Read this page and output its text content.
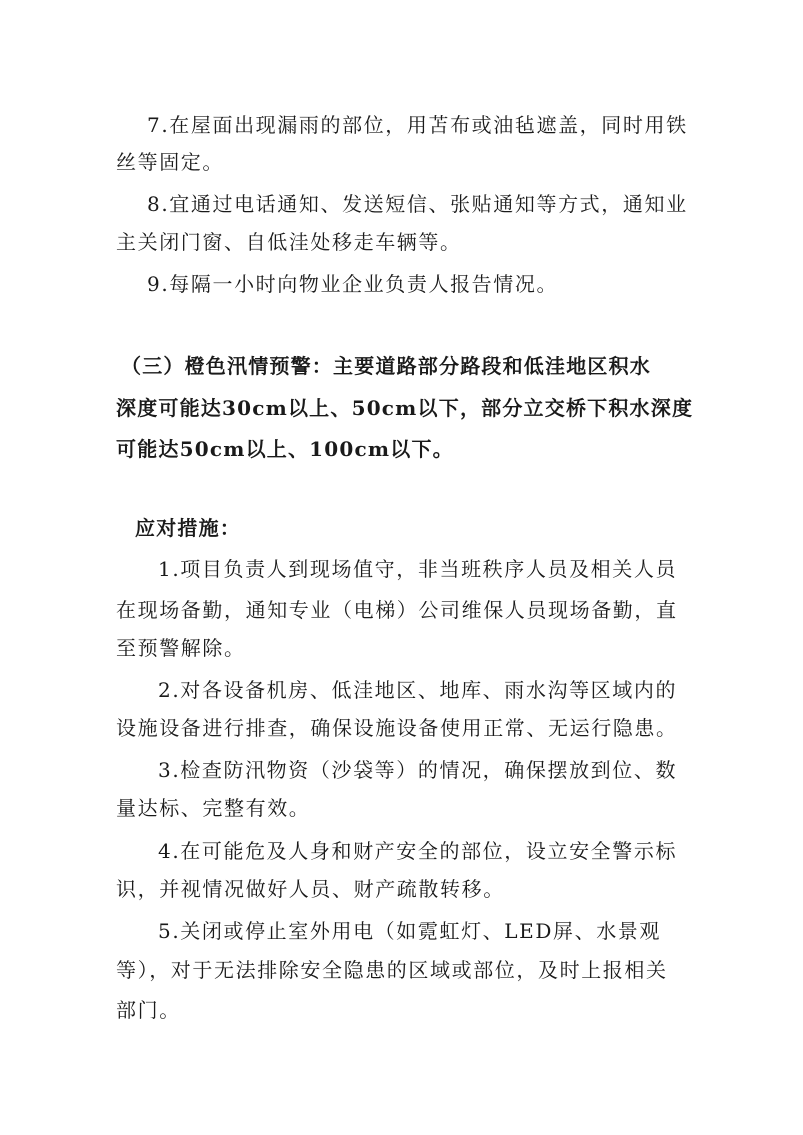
7.在屋面出现漏雨的部位，用苫布或油毡遮盖，同时用铁
丝等固定。
8.宜通过电话通知、发送短信、张贴通知等方式，通知业
主关闭门窗、自低洼处移走车辆等。
9.每隔一小时向物业企业负责人报告情况。
（三）橙色汛情预警：主要道路部分路段和低洼地区积水
深度可能达30cm以上、50cm以下，部分立交桥下积水深度
可能达50cm以上、100cm以下。
应对措施：
1.项目负责人到现场值守，非当班秩序人员及相关人员
在现场备勤，通知专业（电梯）公司维保人员现场备勤，直
至预警解除。
2.对各设备机房、低洼地区、地库、雨水沟等区域内的
设施设备进行排查，确保设施设备使用正常、无运行隐患。
3.检查防汛物资（沙袋等）的情况，确保摆放到位、数
量达标、完整有效。
4.在可能危及人身和财产安全的部位，设立安全警示标
识，并视情况做好人员、财产疏散转移。
5.关闭或停止室外用电（如霓虹灯、LED屏、水景观
等），对于无法排除安全隐患的区域或部位，及时上报相关
部门。
